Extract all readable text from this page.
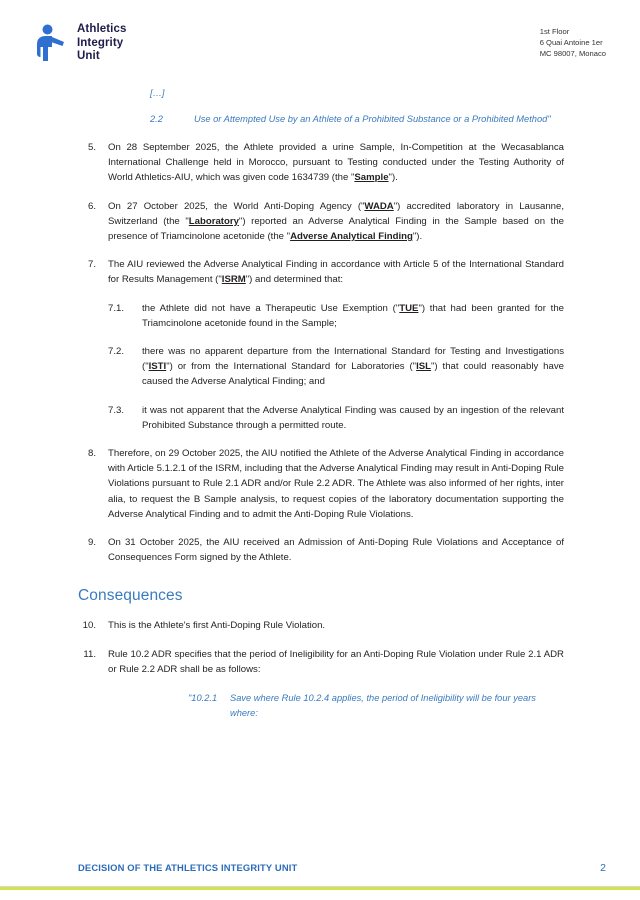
Athletics
Integrity
Unit
1st Floor
6 Quai Antoine 1er
MC 98007, Monaco
[…]
2.2	Use or Attempted Use by an Athlete of a Prohibited Substance or a Prohibited Method"
5.	On 28 September 2025, the Athlete provided a urine Sample, In-Competition at the Wecasablanca International Challenge held in Morocco, pursuant to Testing conducted under the Testing Authority of World Athletics-AIU, which was given code 1634739 (the "Sample").
6.	On 27 October 2025, the World Anti-Doping Agency ("WADA") accredited laboratory in Lausanne, Switzerland (the "Laboratory") reported an Adverse Analytical Finding in the Sample based on the presence of Triamcinolone acetonide (the "Adverse Analytical Finding").
7.	The AIU reviewed the Adverse Analytical Finding in accordance with Article 5 of the International Standard for Results Management ("ISRM") and determined that:
7.1.	the Athlete did not have a Therapeutic Use Exemption ("TUE") that had been granted for the Triamcinolone acetonide found in the Sample;
7.2.	there was no apparent departure from the International Standard for Testing and Investigations ("ISTI") or from the International Standard for Laboratories ("ISL") that could reasonably have caused the Adverse Analytical Finding; and
7.3.	it was not apparent that the Adverse Analytical Finding was caused by an ingestion of the relevant Prohibited Substance through a permitted route.
8.	Therefore, on 29 October 2025, the AIU notified the Athlete of the Adverse Analytical Finding in accordance with Article 5.1.2.1 of the ISRM, including that the Adverse Analytical Finding may result in Anti-Doping Rule Violations pursuant to Rule 2.1 ADR and/or Rule 2.2 ADR. The Athlete was also informed of her rights, inter alia, to request the B Sample analysis, to request copies of the laboratory documentation supporting the Adverse Analytical Finding and to admit the Anti-Doping Rule Violations.
9.	On 31 October 2025, the AIU received an Admission of Anti-Doping Rule Violations and Acceptance of Consequences Form signed by the Athlete.
Consequences
10.	This is the Athlete's first Anti-Doping Rule Violation.
11.	Rule 10.2 ADR specifies that the period of Ineligibility for an Anti-Doping Rule Violation under Rule 2.1 ADR or Rule 2.2 ADR shall be as follows:
"10.2.1	Save where Rule 10.2.4 applies, the period of Ineligibility will be four years where:
DECISION OF THE ATHLETICS INTEGRITY UNIT	2
